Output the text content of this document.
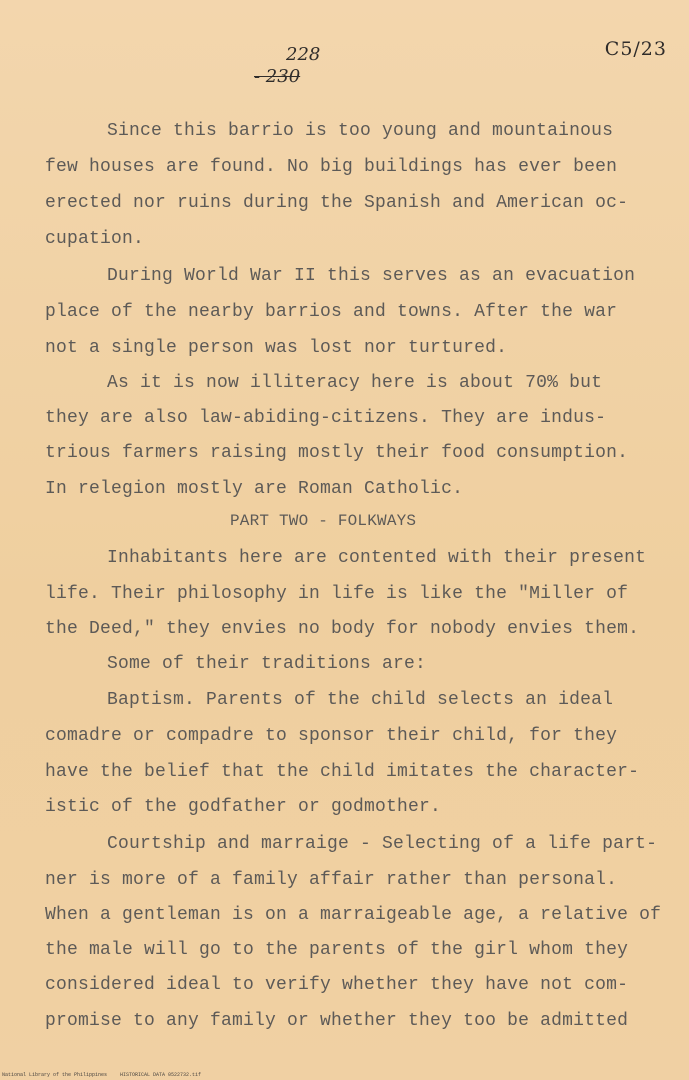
228
- 230
C5/23
Since this barrio is too young and mountainous
few houses are found. No big buildings has ever been
erected nor ruins during the Spanish and American oc-
cupation.
During World War II this serves as an evacuation
place of the nearby barrios and towns. After the war
not a single person was lost nor turtured.
As it is now illiteracy here is about 70% but
they are also law-abiding-citizens. They are indus-
trious farmers raising mostly their food consumption.
In relegion mostly are Roman Catholic.
PART TWO - FOLKWAYS
Inhabitants here are contented with their present
life. Their philosophy in life is like the "Miller of
the Deed," they envies no body for nobody envies them.
Some of their traditions are:
Baptism. Parents of the child selects an ideal
comadre or compadre to sponsor their child, for they
have the belief that the child imitates the character-
istic of the godfather or godmother.
Courtship and marraige - Selecting of a life part-
ner is more of a family affair rather than personal.
When a gentleman is on a marraigeable age, a relative of
the male will go to the parents of the girl whom they
considered ideal to verify whether they have not com-
promise to any family or whether they too be admitted
National Library of the Philippines	HISTORICAL DATA 0522732.tif
